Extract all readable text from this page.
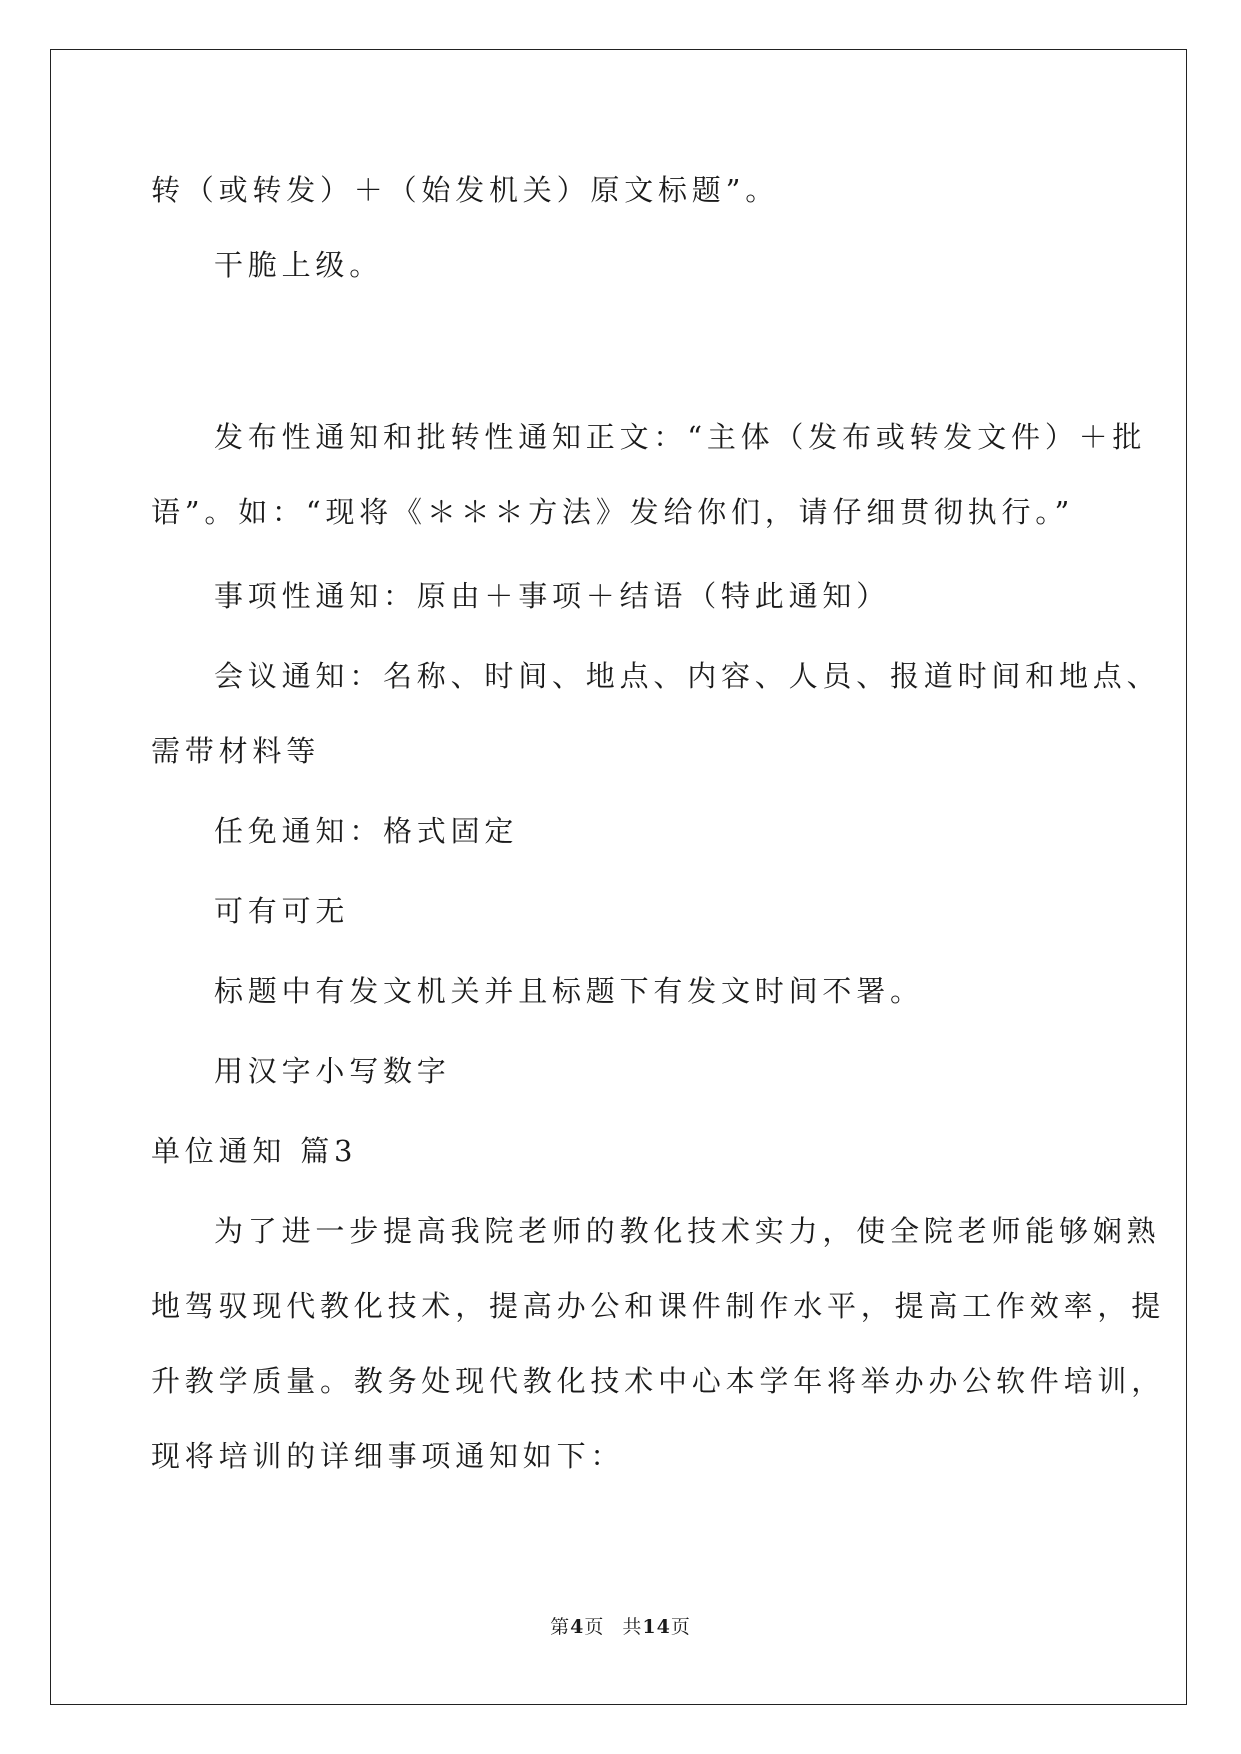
转（或转发）＋（始发机关）原文标题”。

干脆上级。

发布性通知和批转性通知正文：“主体（发布或转发文件）＋批

语”。如：“现将《＊＊＊方法》发给你们，请仔细贯彻执行。”

事项性通知：原由＋事项＋结语（特此通知）

会议通知：名称、时间、地点、内容、人员、报道时间和地点、

需带材料等

任免通知：格式固定

可有可无

标题中有发文机关并且标题下有发文时间不署。

用汉字小写数字

单位通知 篇3

为了进一步提高我院老师的教化技术实力，使全院老师能够娴熟

地驾驭现代教化技术，提高办公和课件制作水平，提高工作效率，提

升教学质量。教务处现代教化技术中心本学年将举办办公软件培训，

现将培训的详细事项通知如下：

第4页 共14页
